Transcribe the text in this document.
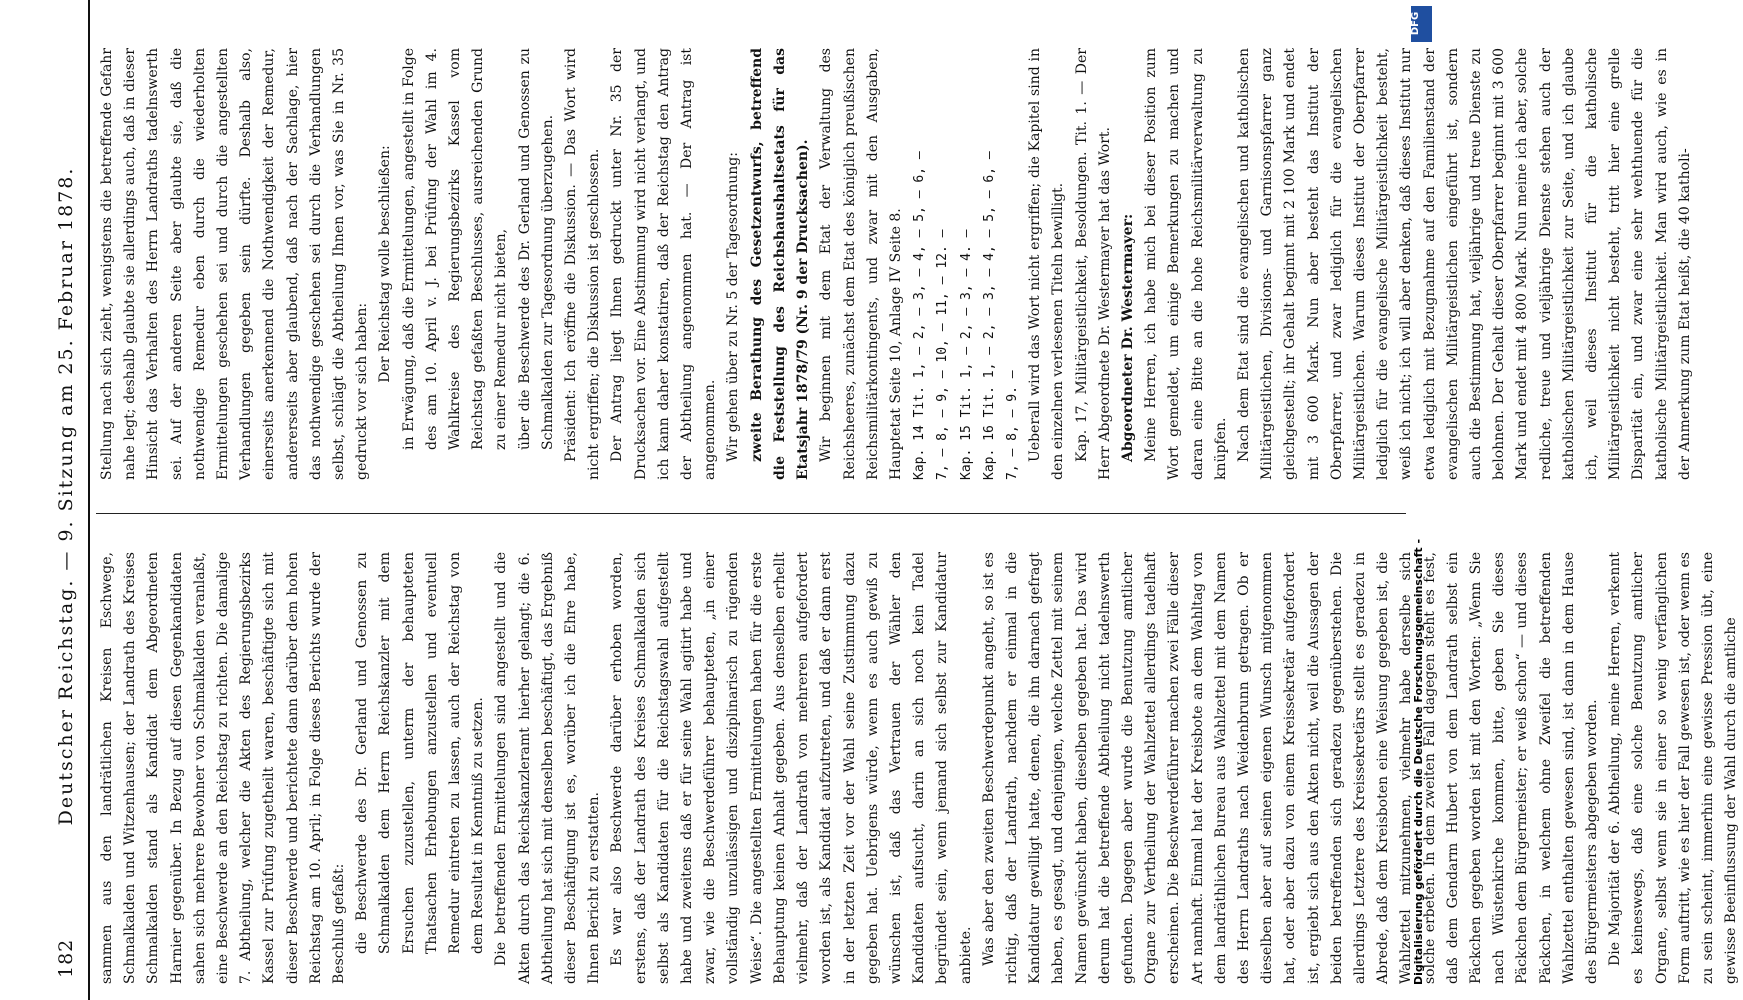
182
Deutscher Reichstag. — 9. Sitzung am 25. Februar 1878. sammen aus den landrätlichen Kreisen Eschwege, Schmalkalden und Witzenhausen; der Landrath des Kreises Schmalkalden stand als Kandidat dem Abgeordneten Harnier gegenüber. In Bezug auf diesen Gegenkandidaten sahen sich mehrere Bewohner von Schmalkalden veranlaßt, eine Beschwerde an den Reichstag zu richten. Die damalige 7. Abtheilung, welcher die Akten des Regierungsbezirks Kassel zur Prüfung zugetheilt waren, beschäftigte sich mit dieser Beschwerde und berichtete dann darüber dem hohen Reichstag am 10. April; in Folge dieses Berichts wurde der Beschluß gefaßt: die Beschwerde des Dr. Gerland und Genossen zu Schmalkalden dem Herrn Reichskanzler mit dem Ersuchen zuzustellen, unterm der behaupteten Thatsachen Erhebungen anzustellen und eventuell Remedur eintreten zu lassen, auch der Reichstag von dem Resultat in Kenntniß zu setzen. Die betreffenden Ermittelungen sind angestellt und die Akten durch das Reichskanzleramt hierher gelangt; die 6. Abtheilung hat sich mit denselben beschäftigt, das Ergebniß dieser Beschäftigung ist es, worüber ich die Ehre habe, Ihnen Bericht zu erstatten. Es war also Beschwerde darüber erhoben worden, erstens, daß der Landrath des Kreises Schmalkalden sich selbst als Kandidaten für die Reichstagswahl aufgestellt habe und zweitens daß er für seine Wahl agitirt habe und zwar, wie die Beschwerdeführer behaupteten, „in einer vollständig unzulässigen und disziplinarisch zu rügenden Weise“. Die angestellten Ermittelungen haben für die erste Behauptung keinen Anhalt gegeben. Aus denselben erhellt vielmehr, daß der Landrath von mehreren aufgefordert worden ist, als Kandidat aufzutreten, und daß er dann erst in der letzten Zeit vor der Wahl seine Zustimmung dazu gegeben hat. Uebrigens würde, wenn es auch gewiß zu wünschen ist, daß das Vertrauen der Wähler den Kandidaten aufsucht, darin an sich noch kein Tadel begründet sein, wenn jemand sich selbst zur Kandidatur anbiete. Was aber den zweiten Beschwerdepunkt angeht, so ist es richtig, daß der Landrath, nachdem er einmal in die Kandidatur gewilligt hatte, denen, die ihn darnach gefragt haben, es gesagt, und denjenigen, welche Zettel mit seinem Namen gewünscht haben, dieselben gegeben hat. Das wird derum hat die betreffende Abtheilung nicht tadelnswerth gefunden. Dagegen aber wurde die Benutzung amtlicher Organe zur Vertheilung der Wahlzettel allerdings tadelhaft erscheinen. Die Beschwerdeführer machen zwei Fälle dieser Art namhaft. Einmal hat der Kreisbote an dem Wahltag von dem landräthlichen Bureau aus Wahlzettel mit dem Namen des Herrn Landraths nach Weidenbrunn getragen. Ob er dieselben aber auf seinen eigenen Wunsch mitgenommen hat, oder aber dazu von einem Kreissekretär aufgefordert ist, ergiebt sich aus den Akten nicht, weil die Aussagen der beiden betreffenden sich geradezu gegenüberstehen. Die allerdings Letztere des Kreissekretärs stellt es geradezu in Abrede, daß dem Kreisboten eine Weisung gegeben ist, die Wahlzettel mitzunehmen, vielmehr habe derselbe sich solche erbeten. In dem zweiten Fall dagegen steht es fest, daß dem Gendarm Hubert von dem Landrath selbst ein Päckchen gegeben worden ist mit den Worten: „Wenn Sie nach Wüstenkirche kommen, bitte, geben Sie dieses Päckchen dem Bürgermeister; er weiß schon“ — und dieses Päckchen, in welchem ohne Zweifel die betreffenden Wahlzettel enthalten gewesen sind, ist dann in dem Hause des Bürgermeisters abgegeben worden. Die Majorität der 6. Abtheilung, meine Herren, verkennt es keineswegs, daß eine solche Benutzung amtlicher Organe, selbst wenn sie in einer so wenig verfänglichen Form auftritt, wie es hier der Fall gewesen ist, oder wenn es zu sein scheint, immerhin eine gewisse Pression übt, eine gewisse Beeinflussung der Wahl durch die amtliche

Stellung nach sich zieht, wenigstens die betreffende Gefahr nahe legt; deshalb glaubte sie allerdings auch, daß in dieser Hinsicht das Verhalten des Herrn Landraths tadelnswerth sei. Auf der anderen Seite aber glaubte sie, daß die nothwendige Remedur eben durch die wiederholten Ermittelungen geschehen sei und durch die angestellten Verhandlungen gegeben sein dürfte. Deshalb also, einerseits anerkennend die Nothwendigkeit der Remedur, andererseits aber glaubend, daß nach der Sachlage, hier das nothwendige geschehen sei durch die Verhandlungen selbst, schlägt die Abtheilung Ihnen vor, was Sie in Nr. 35 gedruckt vor sich haben:

Der Reichstag wolle beschließen: in Erwägung, daß die Ermittelungen, angestellt in Folge des am 10. April v. J. bei Prüfung der Wahl im 4. Wahlkreise des Regierungsbezirks Kassel vom Reichstag gefaßten Beschlusses, ausreichenden Grund zu einer Remedur nicht bieten, über die Beschwerde des Dr. Gerland und Genossen zu Schmalkalden zur Tagesordnung überzugehen. Präsident: Ich eröffne die Diskussion. — Das Wort wird nicht ergriffen; die Diskussion ist geschlossen. Der Antrag liegt Ihnen gedruckt unter Nr. 35 der Drucksachen vor. Eine Abstimmung wird nicht verlangt, und ich kann daher konstatiren, daß der Reichstag den Antrag der Abtheilung angenommen hat. — Der Antrag ist angenommen. Wir gehen über zu Nr. 5 der Tagesordnung: zweite Berathung des Gesetzentwurfs, betreffend die Feststellung des Reichshaushaltsetats für das Etatsjahr 1878/79 (Nr. 9 der Drucksachen). Wir beginnen mit dem Etat der Verwaltung des Reichsheeres, zunächst dem Etat des königlich preußischen Reichsmilitärkontingents, und zwar mit den Ausgaben, Hauptetat Seite 10, Anlage IV Seite 8. Kap. 14 Tit. 1, — 2, — 3, — 4, — 5, — 6, — 7, — 8, — 9, — 10, — 11, — 12. — Kap. 15 Tit. 1, — 2, — 3, — 4. — Kap. 16 Tit. 1, — 2, — 3, — 4, — 5, — 6, — 7, — 8, — 9. — Ueberall wird das Wort nicht ergriffen; die Kapitel sind in den einzelnen verlesenen Titeln bewilligt. Kap. 17, Militärgeistlichkeit, Besoldungen. Tit. 1. — Der Herr Abgeordnete Dr. Westermayer hat das Wort. Abgeordneter Dr. Westermayer: Meine Herren, ich habe mich bei dieser Position zum Wort gemeldet, um einige Bemerkungen zu machen und daran eine Bitte an die hohe Reichsmilitärverwaltung zu knüpfen. Nach dem Etat sind die evangelischen und katholischen Militärgeistlichen, Divisions- und Garnisonspfarrer ganz gleichgestellt; ihr Gehalt beginnt mit 2 100 Mark und endet mit 3 600 Mark. Nun aber besteht das Institut der Oberpfarrer, und zwar lediglich für die evangelischen Militärgeistlichen. Warum dieses Institut der Oberpfarrer lediglich für die evangelische Militärgeistlichkeit besteht, weiß ich nicht; ich will aber denken, daß dieses Institut nur etwa lediglich mit Bezugnahme auf den Familienstand der evangelischen Militärgeistlichen eingeführt ist, sondern auch die Bestimmung hat, vieljährige und treue Dienste zu belohnen. Der Gehalt dieser Oberpfarrer beginnt mit 3 600 Mark und endet mit 4 800 Mark. Nun meine ich aber, solche redliche, treue und vieljährige Dienste stehen auch der katholischen Militärgeistlichkeit zur Seite, und ich glaube ich, weil dieses Institut für die katholische Militärgeistlichkeit nicht besteht, tritt hier eine grelle Disparität ein, und zwar eine sehr wehthuende für die katholische Militärgeistlichkeit. Man wird auch, wie es in der Anmerkung zum Etat heißt, die 40 katholi-

Digitalisierung gefördert durch die Deutsche Forschungsgemeinschaft -
DFG
